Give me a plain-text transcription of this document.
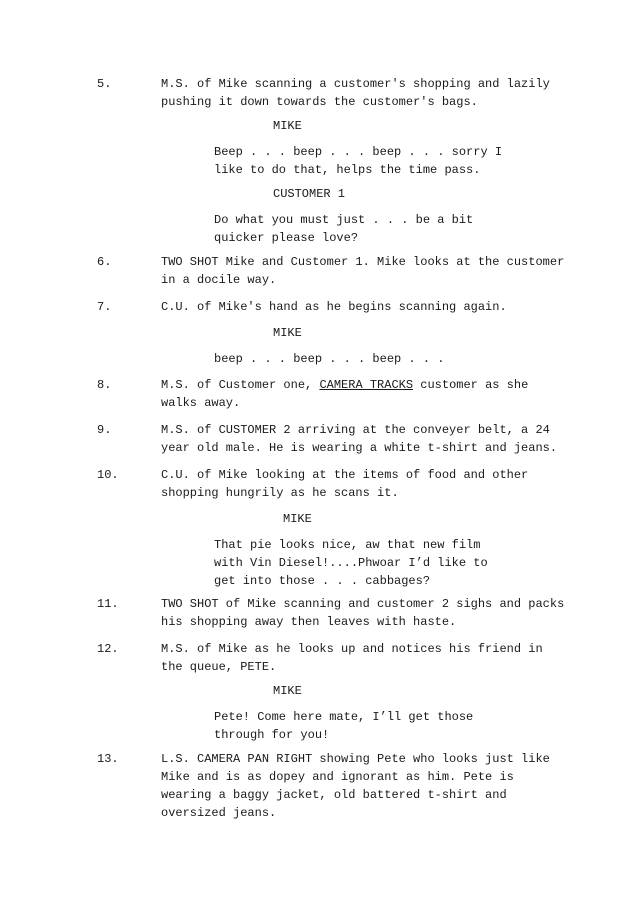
5.	M.S. of Mike scanning a customer's shopping and lazily
pushing it down towards the customer's bags.
MIKE
Beep . . . beep . . . beep . . . sorry I
like to do that, helps the time pass.
CUSTOMER 1
Do what you must just . . . be a bit
quicker please love?
6.	TWO SHOT Mike and Customer 1. Mike looks at the customer
in a docile way.
7.	C.U. of Mike's hand as he begins scanning again.
MIKE
beep . . . beep . . . beep . . .
8.	M.S. of Customer one, CAMERA TRACKS customer as she
walks away.
9.	M.S. of CUSTOMER 2 arriving at the conveyer belt, a 24
year old male. He is wearing a white t-shirt and jeans.
10.	C.U. of Mike looking at the items of food and other
shopping hungrily as he scans it.
MIKE
That pie looks nice, aw that new film
with Vin Diesel!....Phwoar I’d like to
get into those . . . cabbages?
11.	TWO SHOT of Mike scanning and customer 2 sighs and packs
his shopping away then leaves with haste.
12.	M.S. of Mike as he looks up and notices his friend in
the queue, PETE.
MIKE
Pete! Come here mate, I’ll get those
through for you!
13.	L.S. CAMERA PAN RIGHT showing Pete who looks just like
Mike and is as dopey and ignorant as him. Pete is
wearing a baggy jacket, old battered t-shirt and
oversized jeans.
